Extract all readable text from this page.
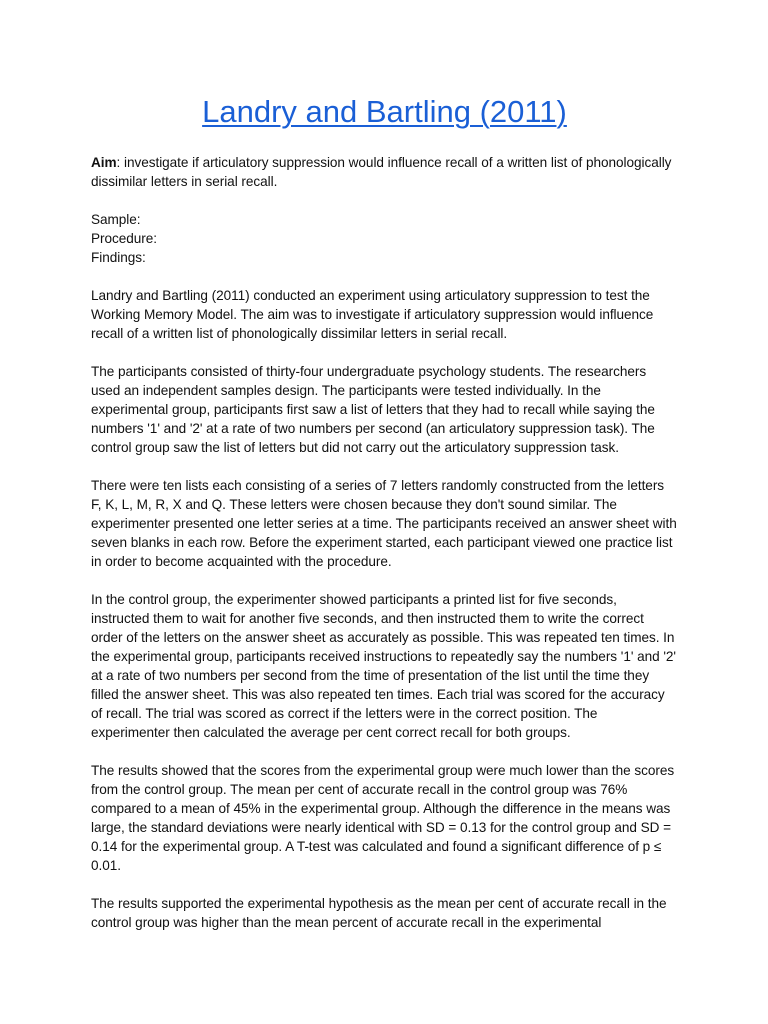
Landry and Bartling (2011)

Aim: investigate if articulatory suppression would influence recall of a written list of phonologically dissimilar letters in serial recall.

Sample:

Procedure:

Findings:

Landry and Bartling (2011) conducted an experiment using articulatory suppression to test the Working Memory Model. The aim was to investigate if articulatory suppression would influence recall of a written list of phonologically dissimilar letters in serial recall.

The participants consisted of thirty-four undergraduate psychology students. The researchers used an independent samples design. The participants were tested individually. In the experimental group, participants first saw a list of letters that they had to recall while saying the numbers '1' and '2' at a rate of two numbers per second (an articulatory suppression task). The control group saw the list of letters but did not carry out the articulatory suppression task.

There were ten lists each consisting of a series of 7 letters randomly constructed from the letters F, K, L, M, R, X and Q. These letters were chosen because they don't sound similar. The experimenter presented one letter series at a time. The participants received an answer sheet with seven blanks in each row. Before the experiment started, each participant viewed one practice list in order to become acquainted with the procedure.

In the control group, the experimenter showed participants a printed list for five seconds, instructed them to wait for another five seconds, and then instructed them to write the correct order of the letters on the answer sheet as accurately as possible. This was repeated ten times. In the experimental group, participants received instructions to repeatedly say the numbers '1' and '2' at a rate of two numbers per second from the time of presentation of the list until the time they filled the answer sheet. This was also repeated ten times. Each trial was scored for the accuracy of recall. The trial was scored as correct if the letters were in the correct position. The experimenter then calculated the average per cent correct recall for both groups.

The results showed that the scores from the experimental group were much lower than the scores from the control group. The mean per cent of accurate recall in the control group was 76% compared to a mean of 45% in the experimental group. Although the difference in the means was large, the standard deviations were nearly identical with SD = 0.13 for the control group and SD = 0.14 for the experimental group. A T-test was calculated and found a significant difference of p ≤ 0.01.

The results supported the experimental hypothesis as the mean per cent of accurate recall in the control group was higher than the mean percent of accurate recall in the experimental
